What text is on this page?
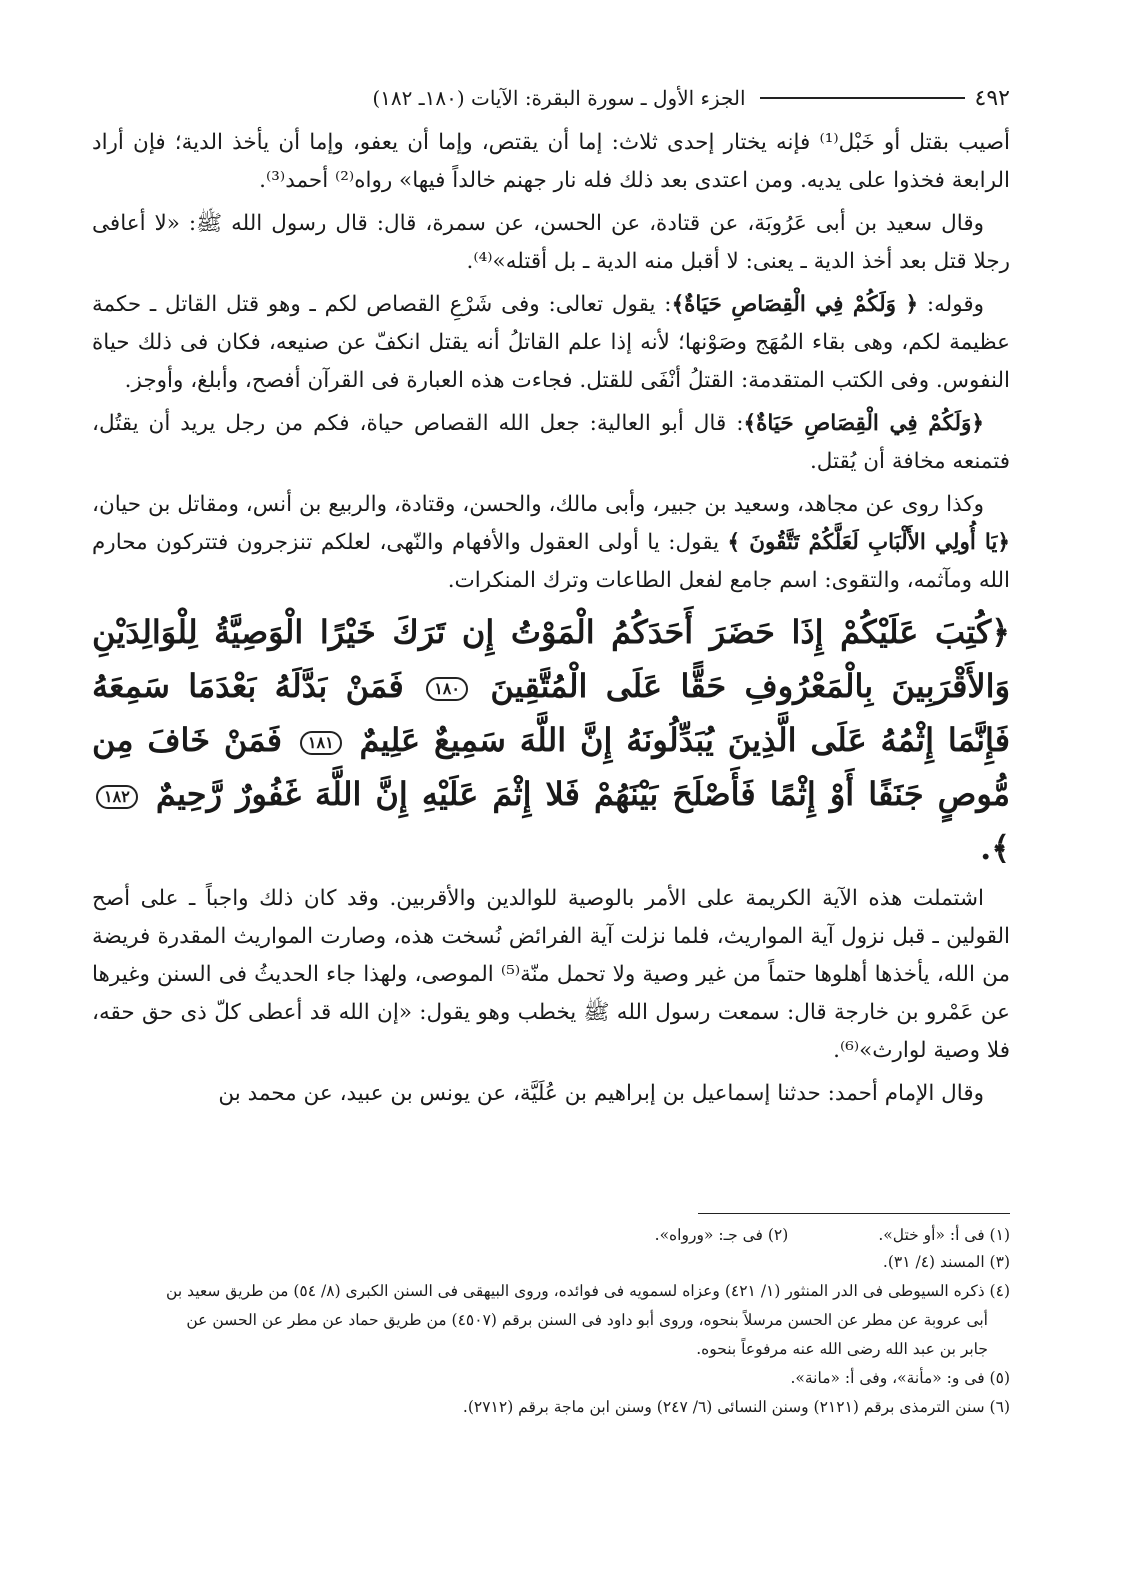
٤٩٢
الجزء الأول ـ سورة البقرة: الآيات (١٨٠ـ ١٨٢)

أصيب بقتل أو خَبْل⁽¹⁾ فإنه يختار إحدى ثلاث: إما أن يقتص، وإما أن يعفو، وإما أن يأخذ الدية؛ فإن أراد الرابعة فخذوا على يديه. ومن اعتدى بعد ذلك فله نار جهنم خالداً فيها» رواه⁽²⁾ أحمد⁽³⁾.

وقال سعيد بن أبى عَرُوبَة، عن قتادة، عن الحسن، عن سمرة، قال: قال رسول الله ﷺ: «لا أعافى رجلا قتل بعد أخذ الدية ـ يعنى: لا أقبل منه الدية ـ بل أقتله»⁽⁴⁾.

وقوله: ﴿ وَلَكُمْ فِي الْقِصَاصِ حَيَاةٌ﴾: يقول تعالى: وفى شَرْعِ القصاص لكم ـ وهو قتل القاتل ـ حكمة عظيمة لكم، وهى بقاء المُهَج وصَوْنها؛ لأنه إذا علم القاتلُ أنه يقتل انكفّ عن صنيعه، فكان فى ذلك حياة النفوس. وفى الكتب المتقدمة: القتلُ أنْفَى للقتل. فجاءت هذه العبارة فى القرآن أفصح، وأبلغ، وأوجز.

﴿وَلَكُمْ فِي الْقِصَاصِ حَيَاةٌ﴾: قال أبو العالية: جعل الله القصاص حياة، فكم من رجل يريد أن يقتُل، فتمنعه مخافة أن يُقتل.

وكذا روى عن مجاهد، وسعيد بن جبير، وأبى مالك، والحسن، وقتادة، والربيع بن أنس، ومقاتل بن حيان، ﴿يَا أُولِي الأَلْبَابِ لَعَلَّكُمْ تَتَّقُونَ ﴾ يقول: يا أولى العقول والأفهام والنّهى، لعلكم تنزجرون فتتركون محارم الله ومآثمه، والتقوى: اسم جامع لفعل الطاعات وترك المنكرات.

﴿كُتِبَ عَلَيْكُمْ إِذَا حَضَرَ أَحَدَكُمُ الْمَوْتُ إِن تَرَكَ خَيْرًا الْوَصِيَّةُ لِلْوَالِدَيْنِ وَالأَقْرَبِينَ بِالْمَعْرُوفِ حَقًّا عَلَى الْمُتَّقِينَ ١٨٠ فَمَنْ بَدَّلَهُ بَعْدَمَا سَمِعَهُ فَإِنَّمَا إِثْمُهُ عَلَى الَّذِينَ يُبَدِّلُونَهُ إِنَّ اللَّهَ سَمِيعٌ عَلِيمٌ ١٨١ فَمَنْ خَافَ مِن مُّوصٍ جَنَفًا أَوْ إِثْمًا فَأَصْلَحَ بَيْنَهُمْ فَلا إِثْمَ عَلَيْهِ إِنَّ اللَّهَ غَفُورٌ رَّحِيمٌ ١٨٢ ﴾.

اشتملت هذه الآية الكريمة على الأمر بالوصية للوالدين والأقربين. وقد كان ذلك واجباً ـ على أصح القولين ـ قبل نزول آية المواريث، فلما نزلت آية الفرائض نُسخت هذه، وصارت المواريث المقدرة فريضة من الله، يأخذها أهلوها حتماً من غير وصية ولا تحمل منّة⁽⁵⁾ الموصى، ولهذا جاء الحديثُ فى السنن وغيرها عن عَمْرو بن خارجة قال: سمعت رسول الله ﷺ يخطب وهو يقول: «إن الله قد أعطى كلّ ذى حق حقه، فلا وصية لوارث»⁽⁶⁾.

وقال الإمام أحمد: حدثنا إسماعيل بن إبراهيم بن عُلَيَّة، عن يونس بن عبيد، عن محمد بن

(١) فى أ: «أو ختل».
(٢) فى جـ: «ورواه».
(٣) المسند (٤/ ٣١).
(٤) ذكره السيوطى فى الدر المنثور (١/ ٤٢١) وعزاه لسمويه فى فوائده، وروى البيهقى فى السنن الكبرى (٨/ ٥٤) من طريق سعيد بن
أبى عروبة عن مطر عن الحسن مرسلاً بنحوه، وروى أبو داود فى السنن برقم (٤٥٠٧) من طريق حماد عن مطر عن الحسن عن
جابر بن عبد الله رضى الله عنه مرفوعاً بنحوه.
(٥) فى و: «مأنة»، وفى أ: «مانة».
(٦) سنن الترمذى برقم (٢١٢١) وسنن النسائى (٦/ ٢٤٧) وسنن ابن ماجة برقم (٢٧١٢).
